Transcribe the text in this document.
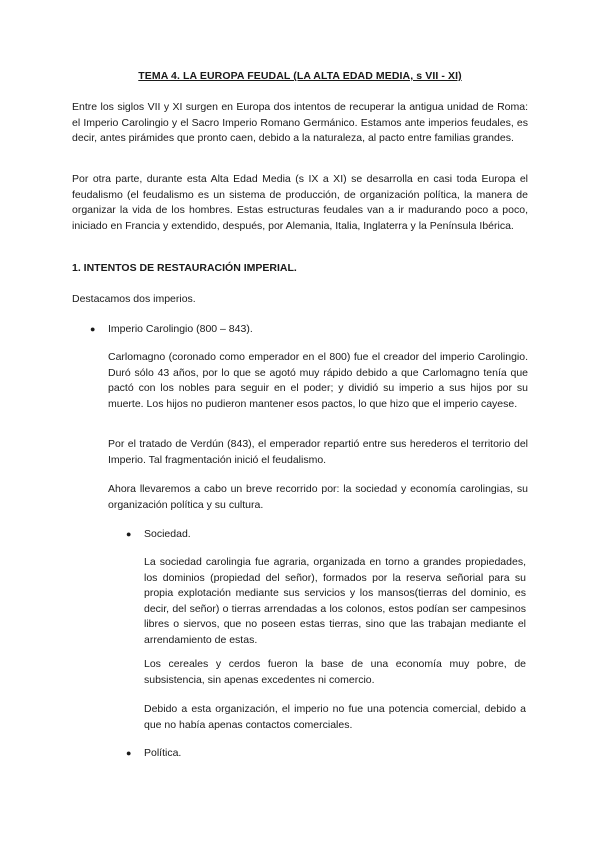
TEMA 4. LA EUROPA FEUDAL (LA ALTA EDAD MEDIA, s VII - XI)

Entre los siglos VII y XI surgen en Europa dos intentos de recuperar la antigua unidad de Roma: el Imperio Carolingio y el Sacro Imperio Romano Germánico. Estamos ante imperios feudales, es decir, antes pirámides que pronto caen, debido a la naturaleza, al pacto entre familias grandes.

Por otra parte, durante esta Alta Edad Media (s IX a XI) se desarrolla en casi toda Europa el feudalismo (el feudalismo es un sistema de producción, de organización política, la manera de organizar la vida de los hombres. Estas estructuras feudales van a ir madurando poco a poco, iniciado en Francia y extendido, después, por Alemania, Italia, Inglaterra y la Península Ibérica.

1. INTENTOS DE RESTAURACIÓN IMPERIAL.

Destacamos dos imperios.

● Imperio Carolingio (800 – 843).

Carlomagno (coronado como emperador en el 800) fue el creador del imperio Carolingio. Duró sólo 43 años, por lo que se agotó muy rápido debido a que Carlomagno tenía que pactó con los nobles para seguir en el poder; y dividió su imperio a sus hijos por su muerte. Los hijos no pudieron mantener esos pactos, lo que hizo que el imperio cayese.

Por el tratado de Verdún (843), el emperador repartió entre sus herederos el territorio del Imperio. Tal fragmentación inició el feudalismo.

Ahora llevaremos a cabo un breve recorrido por: la sociedad y economía carolingias, su organización política y su cultura.

● Sociedad.

La sociedad carolingia fue agraria, organizada en torno a grandes propiedades, los dominios (propiedad del señor), formados por la reserva señorial para su propia explotación mediante sus servicios y los mansos(tierras del dominio, es decir, del señor) o tierras arrendadas a los colonos, estos podían ser campesinos libres o siervos, que no poseen estas tierras, sino que las trabajan mediante el arrendamiento de estas.

Los cereales y cerdos fueron la base de una economía muy pobre, de subsistencia, sin apenas excedentes ni comercio.

Debido a esta organización, el imperio no fue una potencia comercial, debido a que no había apenas contactos comerciales.

● Política.
